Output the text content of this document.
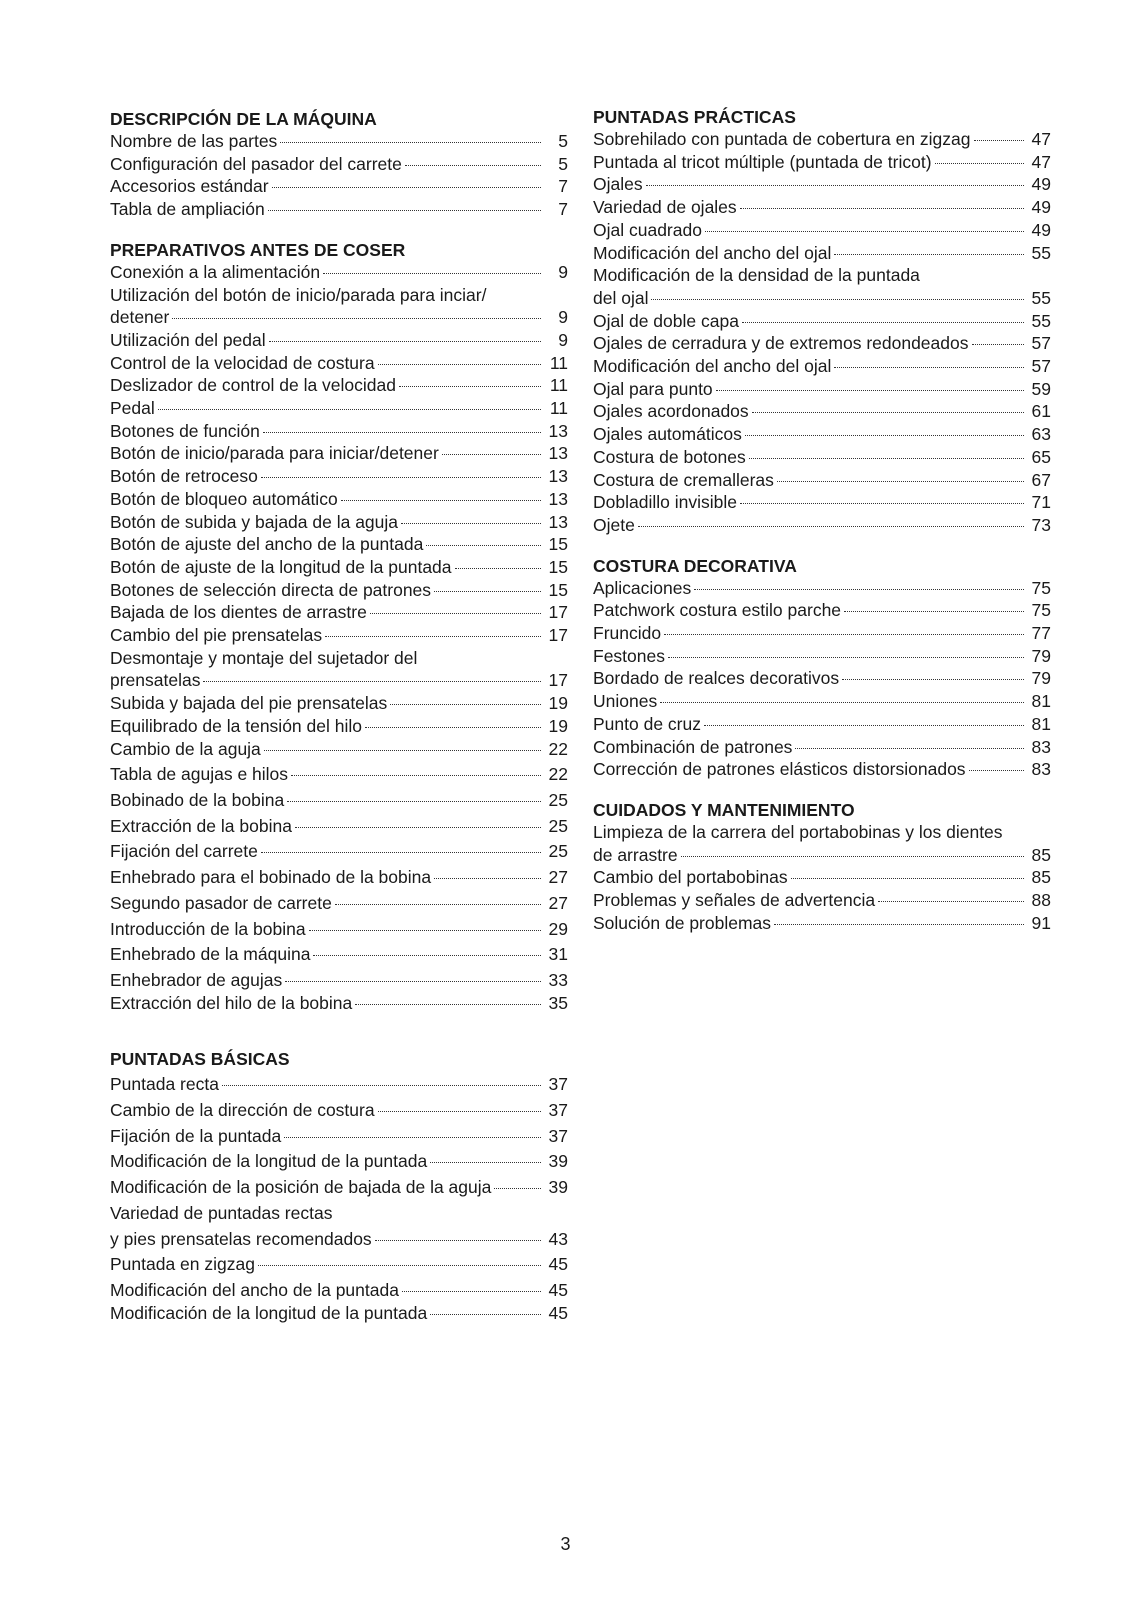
DESCRIPCIÓN DE LA MÁQUINA
Nombre de las partes	5
Configuración del pasador del carrete	5
Accesorios estándar	7
Tabla de ampliación	7
PREPARATIVOS ANTES DE COSER
Conexión a la alimentación	9
Utilización del botón de inicio/parada para inciar/
detener	9
Utilización del pedal	9
Control de la velocidad de costura	11
Deslizador de control de la velocidad	11
Pedal	11
Botones de función	13
Botón de inicio/parada para iniciar/detener	13
Botón de retroceso	13
Botón de bloqueo automático	13
Botón de subida y bajada de la aguja	13
Botón de ajuste del ancho de la puntada	15
Botón de ajuste de la longitud de la puntada	15
Botones de selección directa de patrones	15
Bajada de los dientes de arrastre	17
Cambio del pie prensatelas	17
Desmontaje y montaje del sujetador del
prensatelas	17
Subida y bajada del pie prensatelas	19
Equilibrado de la tensión del hilo	19
Cambio de la aguja	22
Tabla de agujas e hilos	22
Bobinado de la bobina	25
Extracción de la bobina	25
Fijación del carrete	25
Enhebrado para el bobinado de la bobina	27
Segundo pasador de carrete	27
Introducción de la bobina	29
Enhebrado de la máquina	31
Enhebrador de agujas	33
Extracción del hilo de la bobina	35
PUNTADAS BÁSICAS
Puntada recta	37
Cambio de la dirección de costura	37
Fijación de la puntada	37
Modificación de la longitud de la puntada	39
Modificación de la posición de bajada de la aguja	39
Variedad de puntadas rectas
y pies prensatelas recomendados	43
Puntada en zigzag	45
Modificación del ancho de la puntada	45
Modificación de la longitud de la puntada	45
PUNTADAS PRÁCTICAS
Sobrehilado con puntada de cobertura en zigzag	47
Puntada al tricot múltiple (puntada de tricot)	47
Ojales	49
Variedad de ojales	49
Ojal cuadrado	49
Modificación del ancho del ojal	55
Modificación de la densidad de la puntada
del ojal	55
Ojal de doble capa	55
Ojales de cerradura y de extremos redondeados	57
Modificación del ancho del ojal	57
Ojal para punto	59
Ojales acordonados	61
Ojales automáticos	63
Costura de botones	65
Costura de cremalleras	67
Dobladillo invisible	71
Ojete	73
COSTURA DECORATIVA
Aplicaciones	75
Patchwork costura estilo parche	75
Fruncido	77
Festones	79
Bordado de realces decorativos	79
Uniones	81
Punto de cruz	81
Combinación de patrones	83
Corrección de patrones elásticos distorsionados	83
CUIDADOS Y MANTENIMIENTO
Limpieza de la carrera del portabobinas y los dientes
de arrastre	85
Cambio del portabobinas	85
Problemas y señales de advertencia	88
Solución de problemas	91
3
